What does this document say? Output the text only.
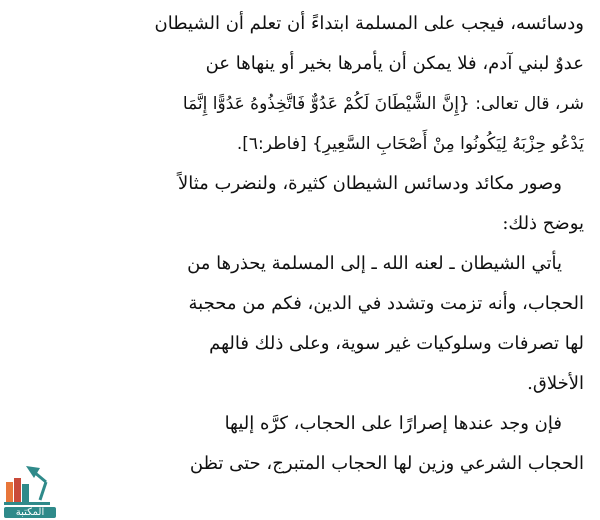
ودسائسه، فيجب على المسلمة ابتداءً أن تعلم أن الشيطان
عدوٌ لبني آدم، فلا يمكن أن يأمرها بخير أو ينهاها عن
شر، قال تعالى: {إِنَّ الشَّيْطَانَ لَكُمْ عَدُوٌّ فَاتَّخِذُوهُ عَدُوًّا إِنَّمَا
يَدْعُو حِزْبَهُ لِيَكُونُوا مِنْ أَصْحَابِ السَّعِيرِ} [فاطر:٦].
وصور مكائد ودسائس الشيطان كثيرة، ولنضرب مثالاً
يوضح ذلك:
يأتي الشيطان ـ لعنه الله ـ إلى المسلمة يحذرها من
الحجاب، وأنه تزمت وتشدد في الدين، فكم من محجبة
لها تصرفات وسلوكيات غير سوية، وعلى ذلك فالهم
الأخلاق.
فإن وجد عندها إصرارًا على الحجاب، كرَّه إليها
الحجاب الشرعي وزين لها الحجاب المتبرج، حتى تظن
المكتبة
